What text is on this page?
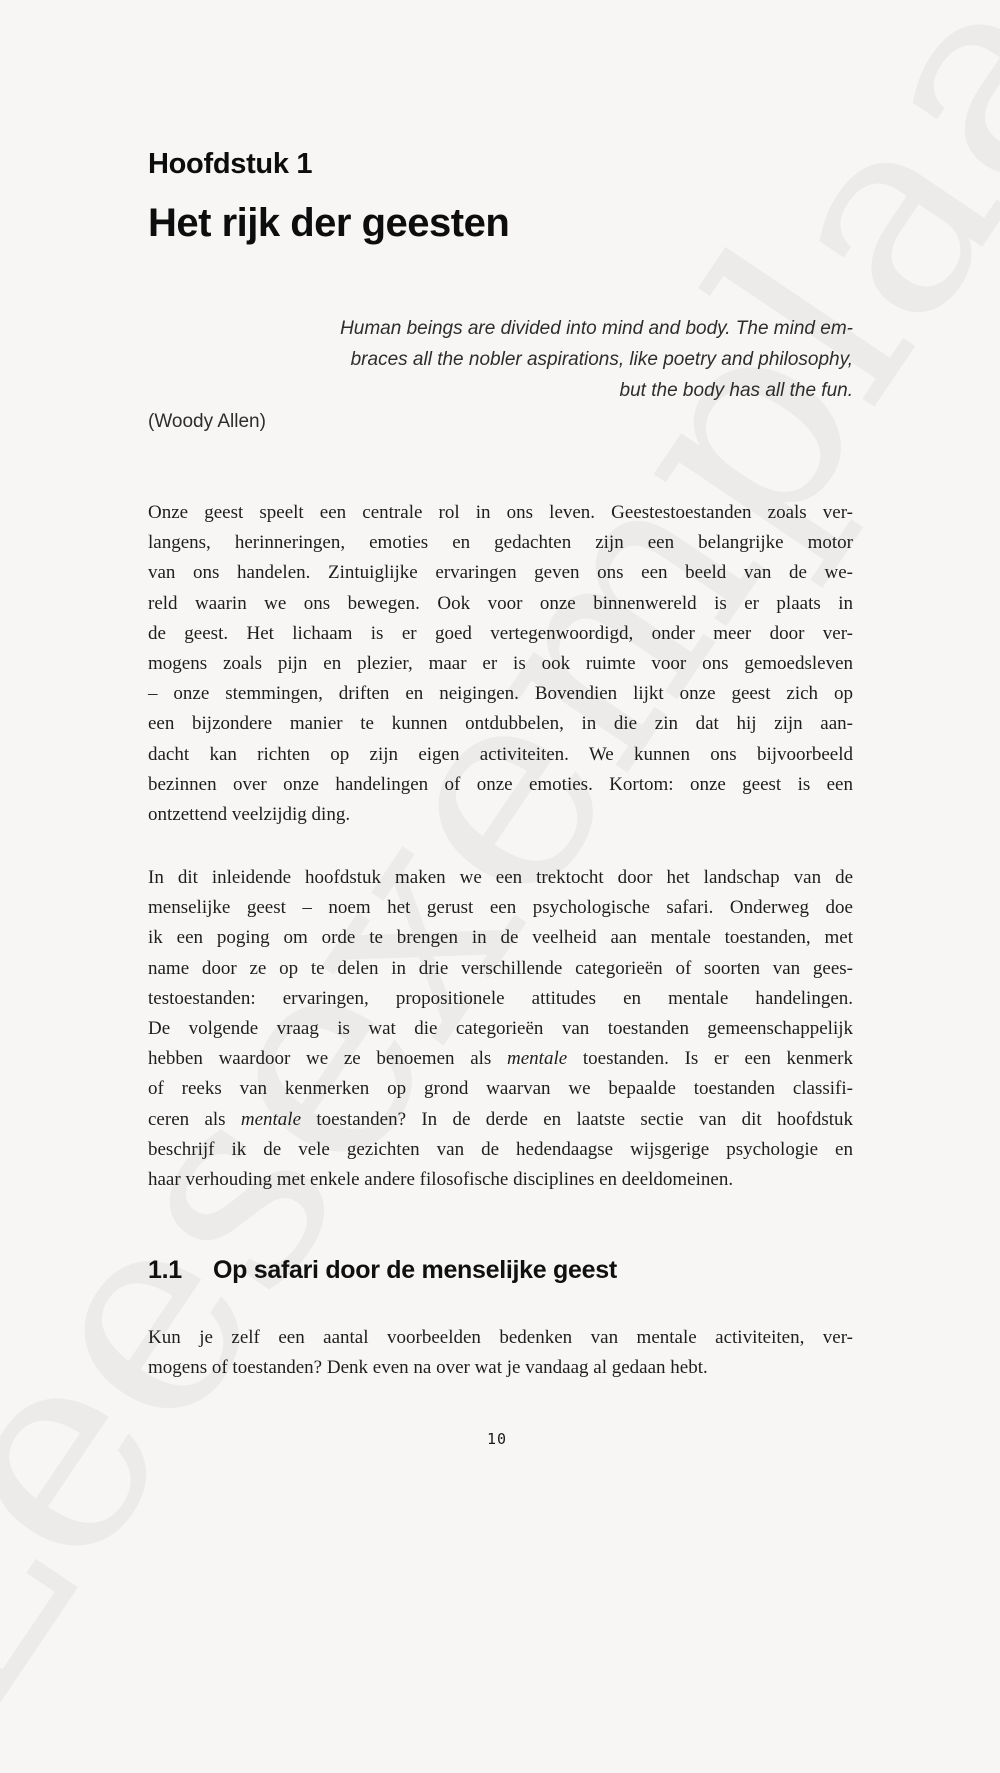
Hoofdstuk 1
Het rijk der geesten
Human beings are divided into mind and body. The mind em-
braces all the nobler aspirations, like poetry and philosophy,
but the body has all the fun.
(Woody Allen)
Onze geest speelt een centrale rol in ons leven. Geestestoestanden zoals ver-
langens, herinneringen, emoties en gedachten zijn een belangrijke motor
van ons handelen. Zintuiglijke ervaringen geven ons een beeld van de we-
reld waarin we ons bewegen. Ook voor onze binnenwereld is er plaats in
de geest. Het lichaam is er goed vertegenwoordigd, onder meer door ver-
mogens zoals pijn en plezier, maar er is ook ruimte voor ons gemoedsleven
– onze stemmingen, driften en neigingen. Bovendien lijkt onze geest zich op
een bijzondere manier te kunnen ontdubbelen, in die zin dat hij zijn aan-
dacht kan richten op zijn eigen activiteiten. We kunnen ons bijvoorbeeld
bezinnen over onze handelingen of onze emoties. Kortom: onze geest is een
ontzettend veelzijdig ding.
In dit inleidende hoofdstuk maken we een trektocht door het landschap van de
menselijke geest – noem het gerust een psychologische safari. Onderweg doe
ik een poging om orde te brengen in de veelheid aan mentale toestanden, met
name door ze op te delen in drie verschillende categorieën of soorten van gees-
testoestanden: ervaringen, propositionele attitudes en mentale handelingen.
De volgende vraag is wat die categorieën van toestanden gemeenschappelijk
hebben waardoor we ze benoemen als mentale toestanden. Is er een kenmerk
of reeks van kenmerken op grond waarvan we bepaalde toestanden classifi-
ceren als mentale toestanden? In de derde en laatste sectie van dit hoofdstuk
beschrijf ik de vele gezichten van de hedendaagse wijsgerige psychologie en
haar verhouding met enkele andere filosofische disciplines en deeldomeinen.
1.1 Op safari door de menselijke geest
Kun je zelf een aantal voorbeelden bedenken van mentale activiteiten, ver-
mogens of toestanden? Denk even na over wat je vandaag al gedaan hebt.
10
